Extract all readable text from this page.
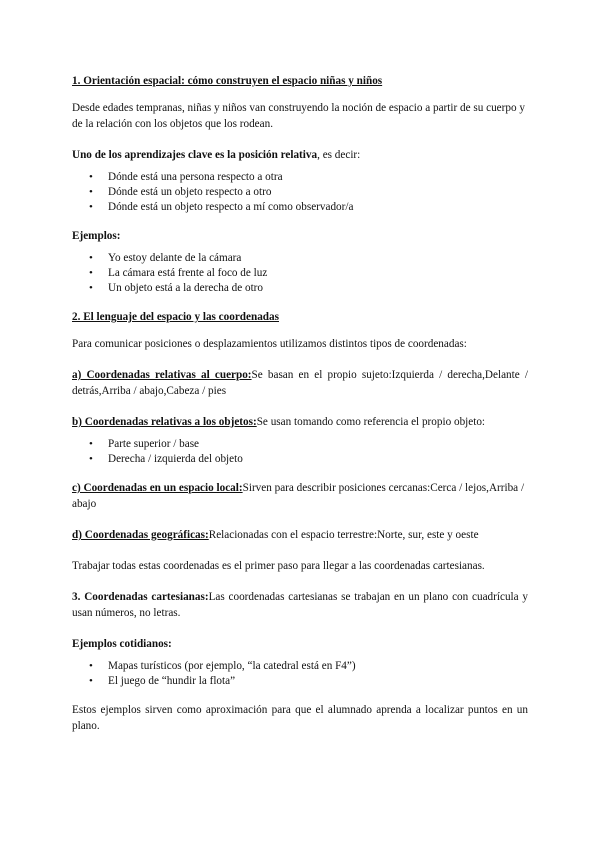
1. Orientación espacial: cómo construyen el espacio niñas y niños

Desde edades tempranas, niñas y niños van construyendo la noción de espacio a partir de su cuerpo y de la relación con los objetos que los rodean.

Uno de los aprendizajes clave es la posición relativa, es decir:

• Dónde está una persona respecto a otra
• Dónde está un objeto respecto a otro
• Dónde está un objeto respecto a mí como observador/a

Ejemplos:

• Yo estoy delante de la cámara
• La cámara está frente al foco de luz
• Un objeto está a la derecha de otro

2. El lenguaje del espacio y las coordenadas

Para comunicar posiciones o desplazamientos utilizamos distintos tipos de coordenadas:

a) Coordenadas relativas al cuerpo:Se basan en el propio sujeto:Izquierda / derecha,Delante / detrás,Arriba / abajo,Cabeza / pies

b) Coordenadas relativas a los objetos:Se usan tomando como referencia el propio objeto:

• Parte superior / base
• Derecha / izquierda del objeto

c) Coordenadas en un espacio local:Sirven para describir posiciones cercanas:Cerca / lejos,Arriba / abajo

d) Coordenadas geográficas:Relacionadas con el espacio terrestre:Norte, sur, este y oeste

Trabajar todas estas coordenadas es el primer paso para llegar a las coordenadas cartesianas.

3. Coordenadas cartesianas:Las coordenadas cartesianas se trabajan en un plano con cuadrícula y usan números, no letras.

Ejemplos cotidianos:

• Mapas turísticos (por ejemplo, “la catedral está en F4”)
• El juego de “hundir la flota”

Estos ejemplos sirven como aproximación para que el alumnado aprenda a localizar puntos en un plano.
